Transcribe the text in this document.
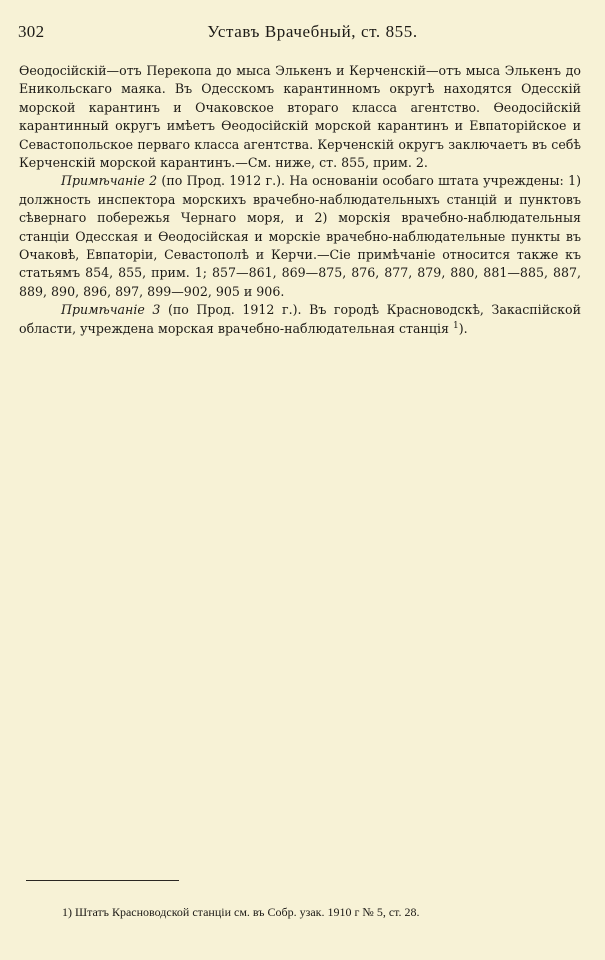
302	Уставъ Врачебный, ст. 855.

Ѳеодосійскій—отъ Перекопа до мыса Элькенъ и Керченскій—отъ мыса Элькенъ до Еникольскаго маяка. Въ Одесскомъ карантинномъ округѣ находятся Одесскій морской карантинъ и Очаковское втораго класса агентство. Ѳеодосійскій карантинный округъ имѣетъ Ѳеодосійскій морской карантинъ и Евпаторійское и Севастопольское перваго класса агентства. Керченскій округъ заключаетъ въ себѣ Керченскій морской карантинъ.—См. ниже, ст. 855, прим. 2.

Примѣчаніе 2 (по Прод. 1912 г.). На основаніи особаго штата учреждены: 1) должность инспектора морскихъ врачебно-наблюдательныхъ станцій и пунктовъ сѣвернаго побережья Чернаго моря, и 2) морскія врачебно-наблюдательныя станціи Одесская и Ѳеодосійская и морскіе врачебно-наблюдательные пункты въ Очаковѣ, Евпаторіи, Севастополѣ и Керчи.—Сіе примѣчаніе относится также къ статьямъ 854, 855, прим. 1; 857—861, 869—875, 876, 877, 879, 880, 881—885, 887, 889, 890, 896, 897, 899—902, 905 и 906.

Примѣчаніе 3 (по Прод. 1912 г.). Въ городѣ Красноводскѣ, Закаспійской области, учреждена морская врачебно-наблюдательная станція $^1$).

1) Штатъ Красноводской станціи см. въ Собр. узак. 1910 г № 5, ст. 28.
